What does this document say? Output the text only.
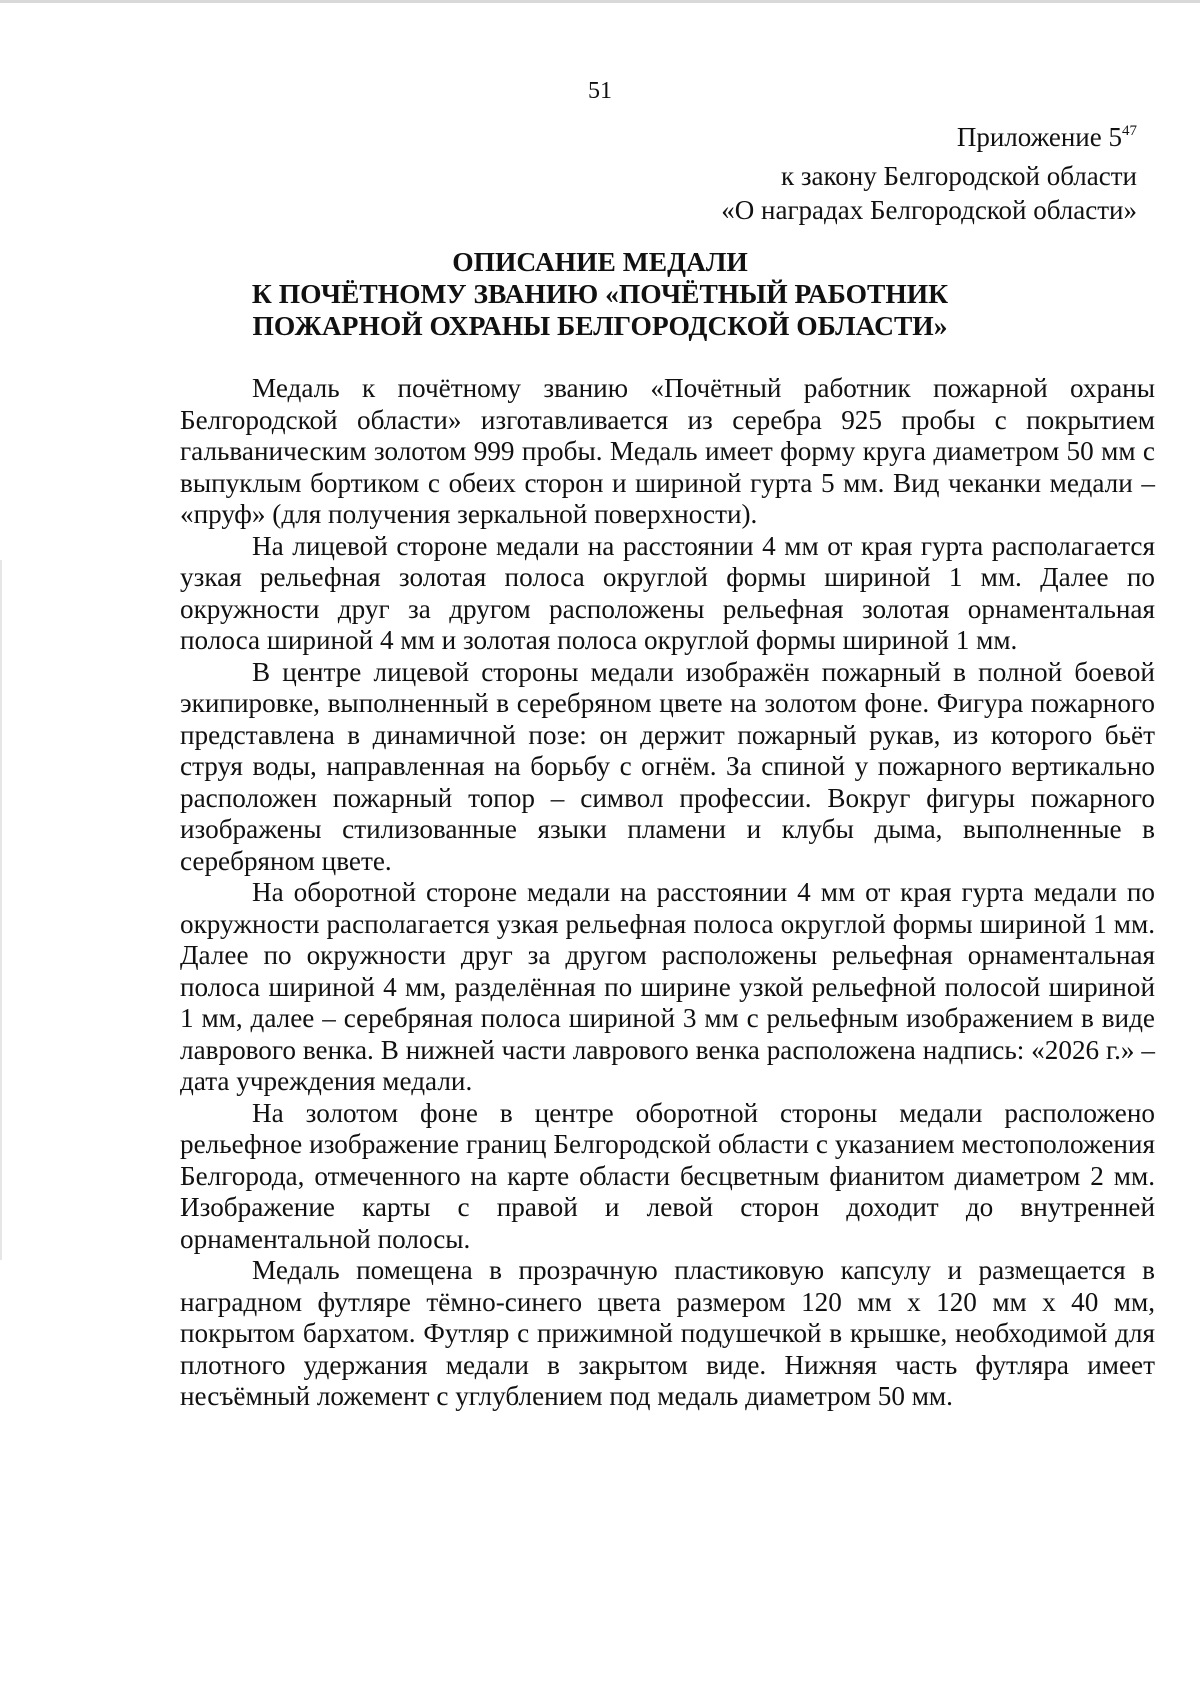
51
Приложение $5^{47}$
к закону Белгородской области
«О наградах Белгородской области»
ОПИСАНИЕ МЕДАЛИ
К ПОЧЁТНОМУ ЗВАНИЮ «ПОЧЁТНЫЙ РАБОТНИК
ПОЖАРНОЙ ОХРАНЫ БЕЛГОРОДСКОЙ ОБЛАСТИ»

Медаль к почётному званию «Почётный работник пожарной охраны Белгородской области» изготавливается из серебра 925 пробы с покрытием гальваническим золотом 999 пробы. Медаль имеет форму круга диаметром 50 мм с выпуклым бортиком с обеих сторон и шириной гурта 5 мм. Вид чеканки медали – «пруф» (для получения зеркальной поверхности).

На лицевой стороне медали на расстоянии 4 мм от края гурта располагается узкая рельефная золотая полоса округлой формы шириной 1 мм. Далее по окружности друг за другом расположены рельефная золотая орнаментальная полоса шириной 4 мм и золотая полоса округлой формы шириной 1 мм.

В центре лицевой стороны медали изображён пожарный в полной боевой экипировке, выполненный в серебряном цвете на золотом фоне. Фигура пожарного представлена в динамичной позе: он держит пожарный рукав, из которого бьёт струя воды, направленная на борьбу с огнём. За спиной у пожарного вертикально расположен пожарный топор – символ профессии. Вокруг фигуры пожарного изображены стилизованные языки пламени и клубы дыма, выполненные в серебряном цвете.

На оборотной стороне медали на расстоянии 4 мм от края гурта медали по окружности располагается узкая рельефная полоса округлой формы шириной 1 мм. Далее по окружности друг за другом расположены рельефная орнаментальная полоса шириной 4 мм, разделённая по ширине узкой рельефной полосой шириной 1 мм, далее – серебряная полоса шириной 3 мм с рельефным изображением в виде лаврового венка. В нижней части лаврового венка расположена надпись: «2026 г.» – дата учреждения медали.

На золотом фоне в центре оборотной стороны медали расположено рельефное изображение границ Белгородской области с указанием местоположения Белгорода, отмеченного на карте области бесцветным фианитом диаметром 2 мм. Изображение карты с правой и левой сторон доходит до внутренней орнаментальной полосы.

Медаль помещена в прозрачную пластиковую капсулу и размещается в наградном футляре тёмно-синего цвета размером 120 мм x 120 мм x 40 мм, покрытом бархатом. Футляр с прижимной подушечкой в крышке, необходимой для плотного удержания медали в закрытом виде. Нижняя часть футляра имеет несъёмный ложемент с углублением под медаль диаметром 50 мм.
